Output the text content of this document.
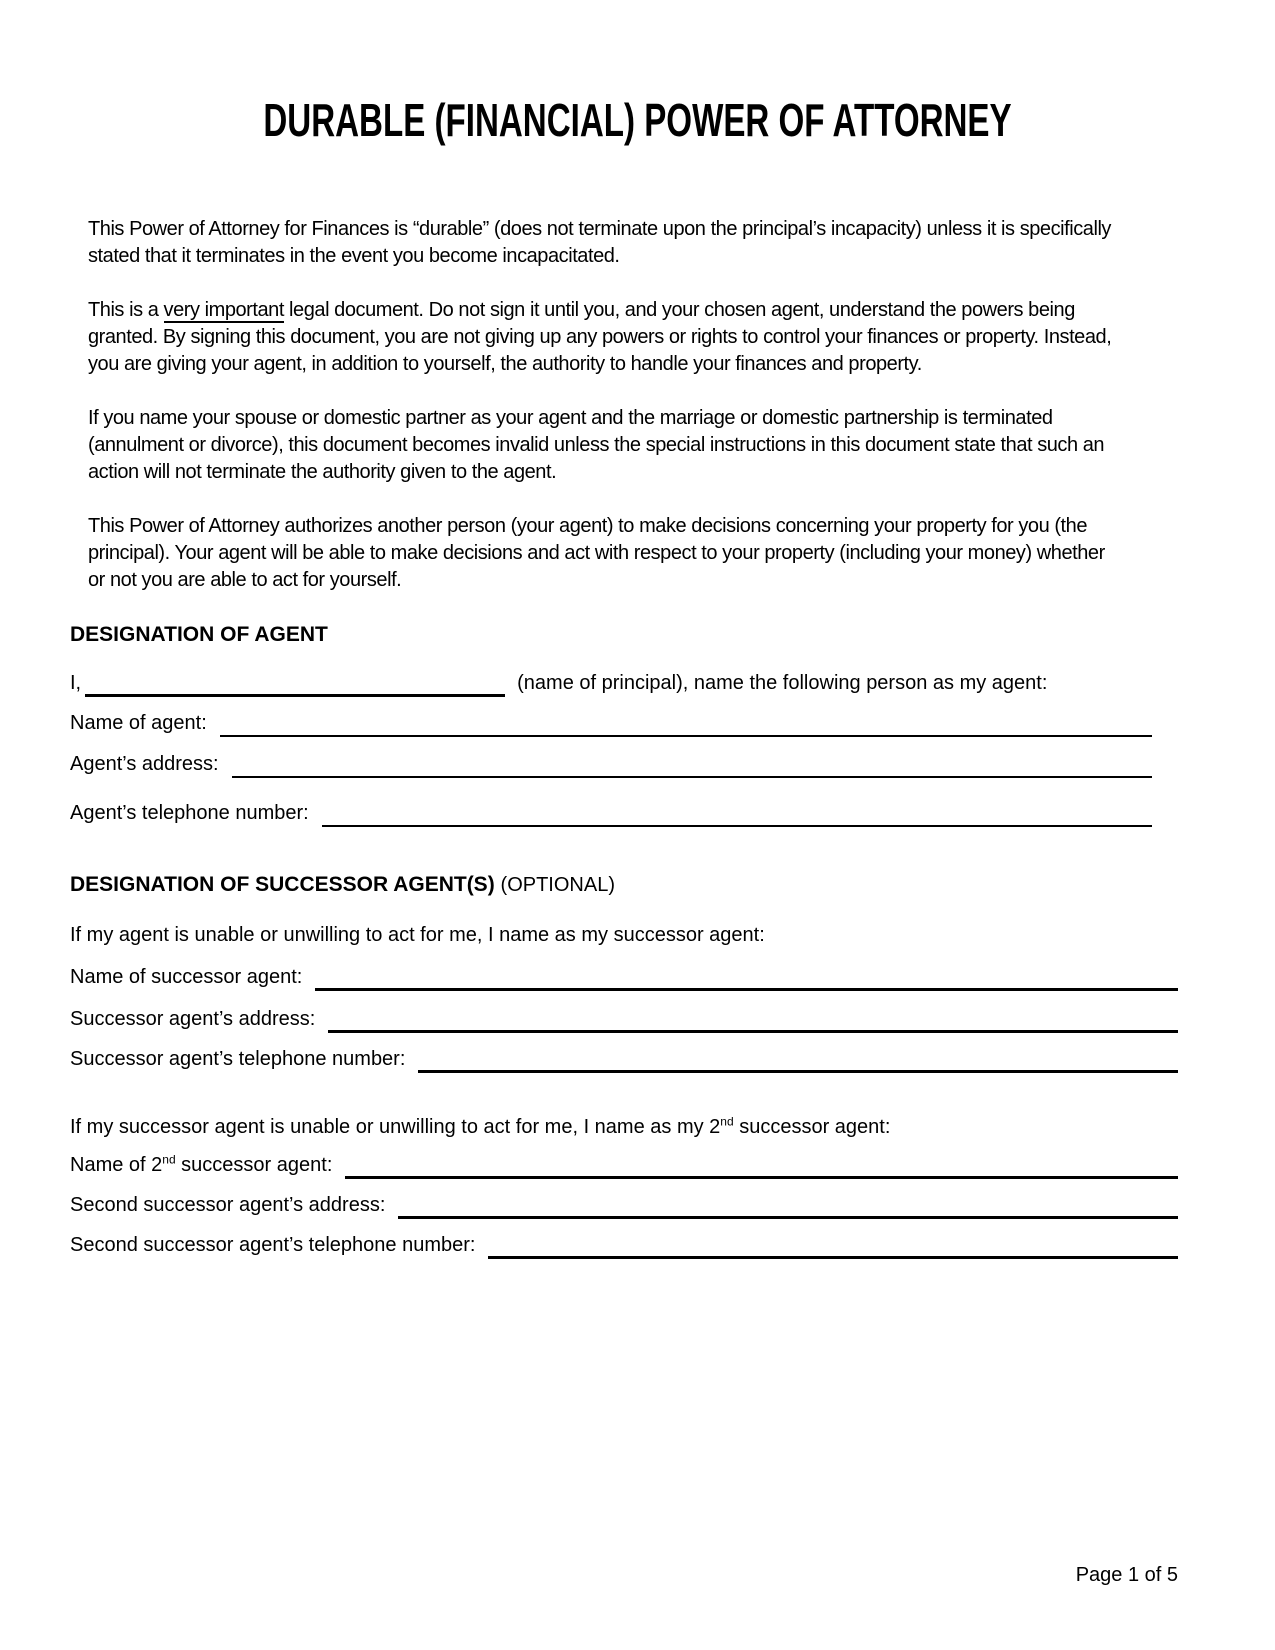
DURABLE (FINANCIAL) POWER OF ATTORNEY

This Power of Attorney for Finances is “durable” (does not terminate upon the principal’s incapacity) unless it is specifically stated that it terminates in the event you become incapacitated.

This is a very important legal document. Do not sign it until you, and your chosen agent, understand the powers being granted. By signing this document, you are not giving up any powers or rights to control your finances or property. Instead, you are giving your agent, in addition to yourself, the authority to handle your finances and property.

If you name your spouse or domestic partner as your agent and the marriage or domestic partnership is terminated (annulment or divorce), this document becomes invalid unless the special instructions in this document state that such an action will not terminate the authority given to the agent.

This Power of Attorney authorizes another person (your agent) to make decisions concerning your property for you (the principal). Your agent will be able to make decisions and act with respect to your property (including your money) whether or not you are able to act for yourself.

DESIGNATION OF AGENT
I,	(name of principal), name the following person as my agent:
Name of agent:
Agent’s address:
Agent’s telephone number:
DESIGNATION OF SUCCESSOR AGENT(S) (OPTIONAL)

If my agent is unable or unwilling to act for me, I name as my successor agent:

Name of successor agent:
Successor agent’s address:
Successor agent’s telephone number:

If my successor agent is unable or unwilling to act for me, I name as my 2nd successor agent:

Name of 2nd successor agent:
Second successor agent’s address:
Second successor agent’s telephone number:
Page 1 of 5
